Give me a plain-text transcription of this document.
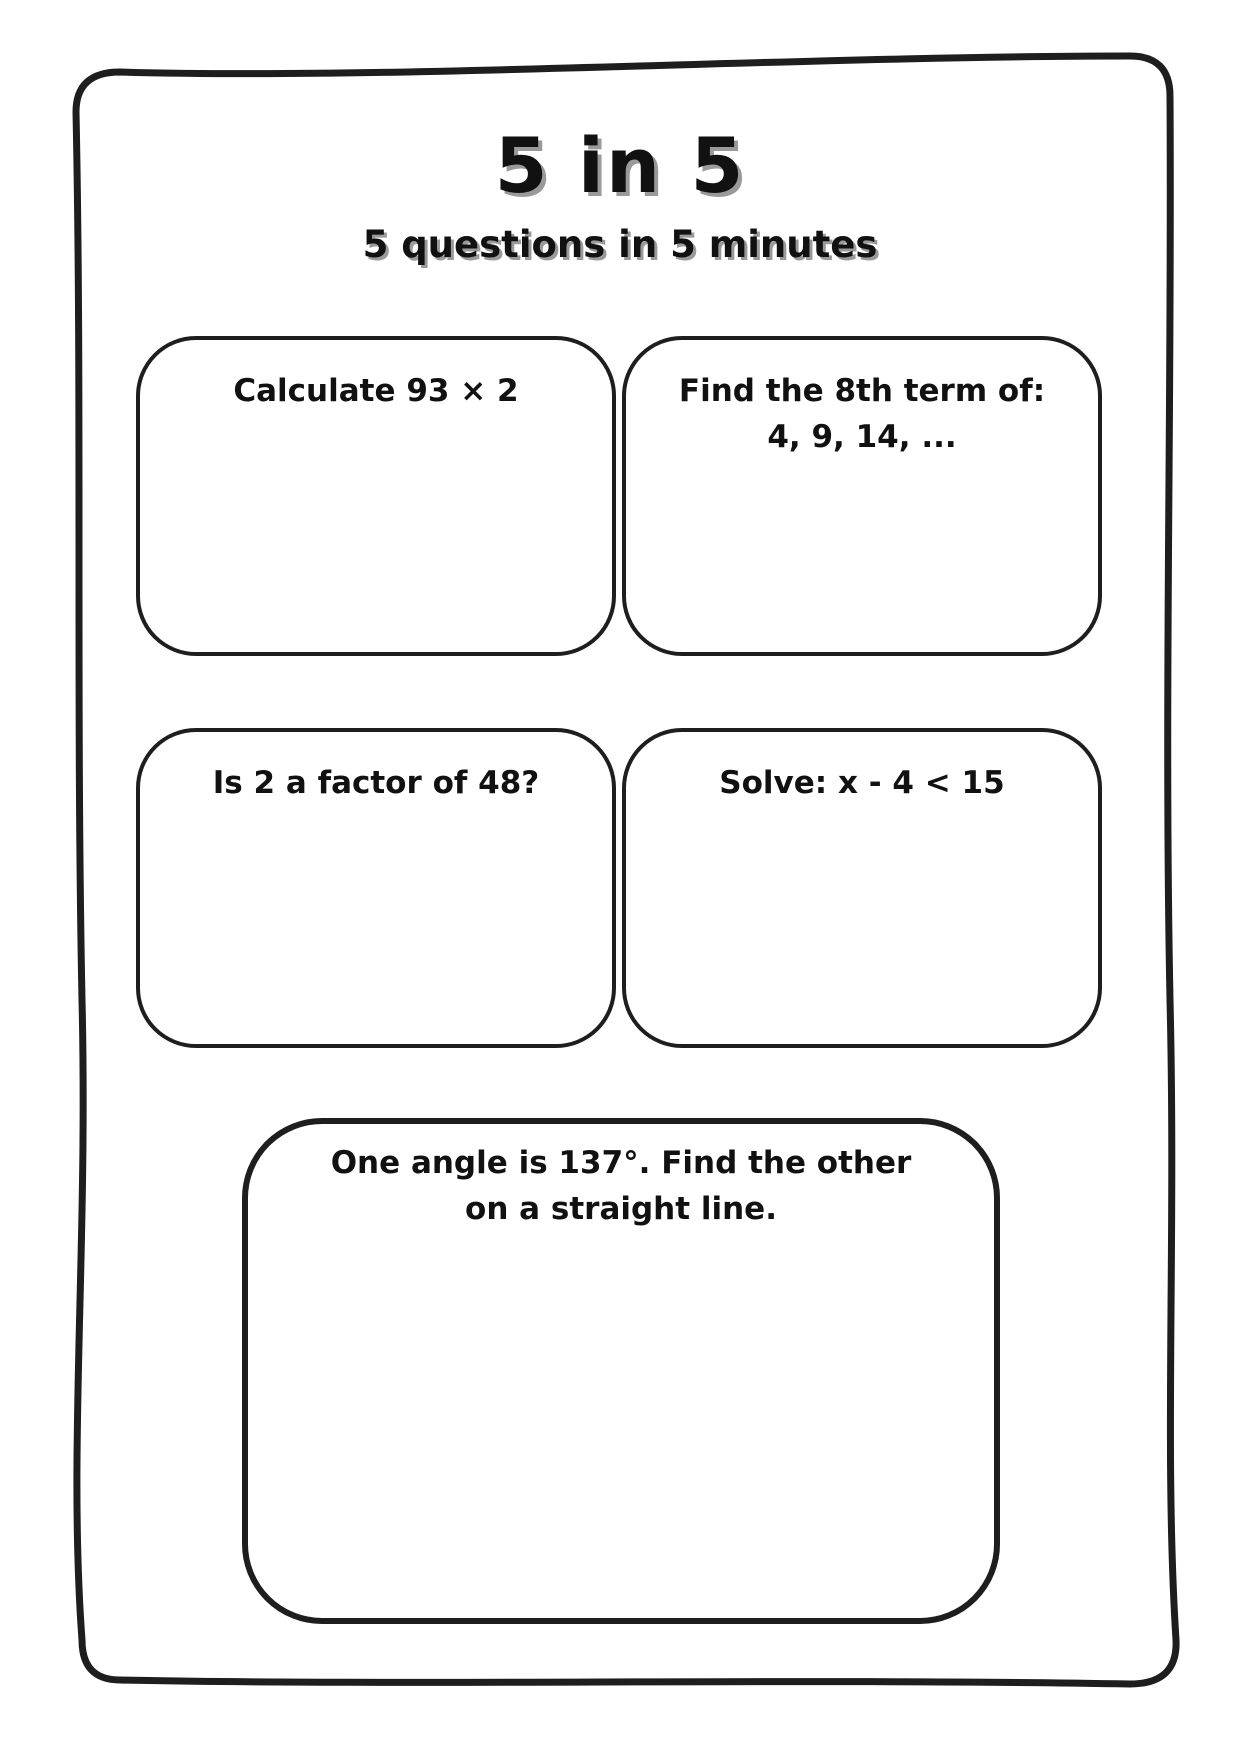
5 in 5
5 questions in 5 minutes
Calculate 93 × 2	Find the 8th term of:
4, 9, 14, ...
Is 2 a factor of 48?	Solve: x - 4 < 15
One angle is 137°. Find the other
on a straight line.
